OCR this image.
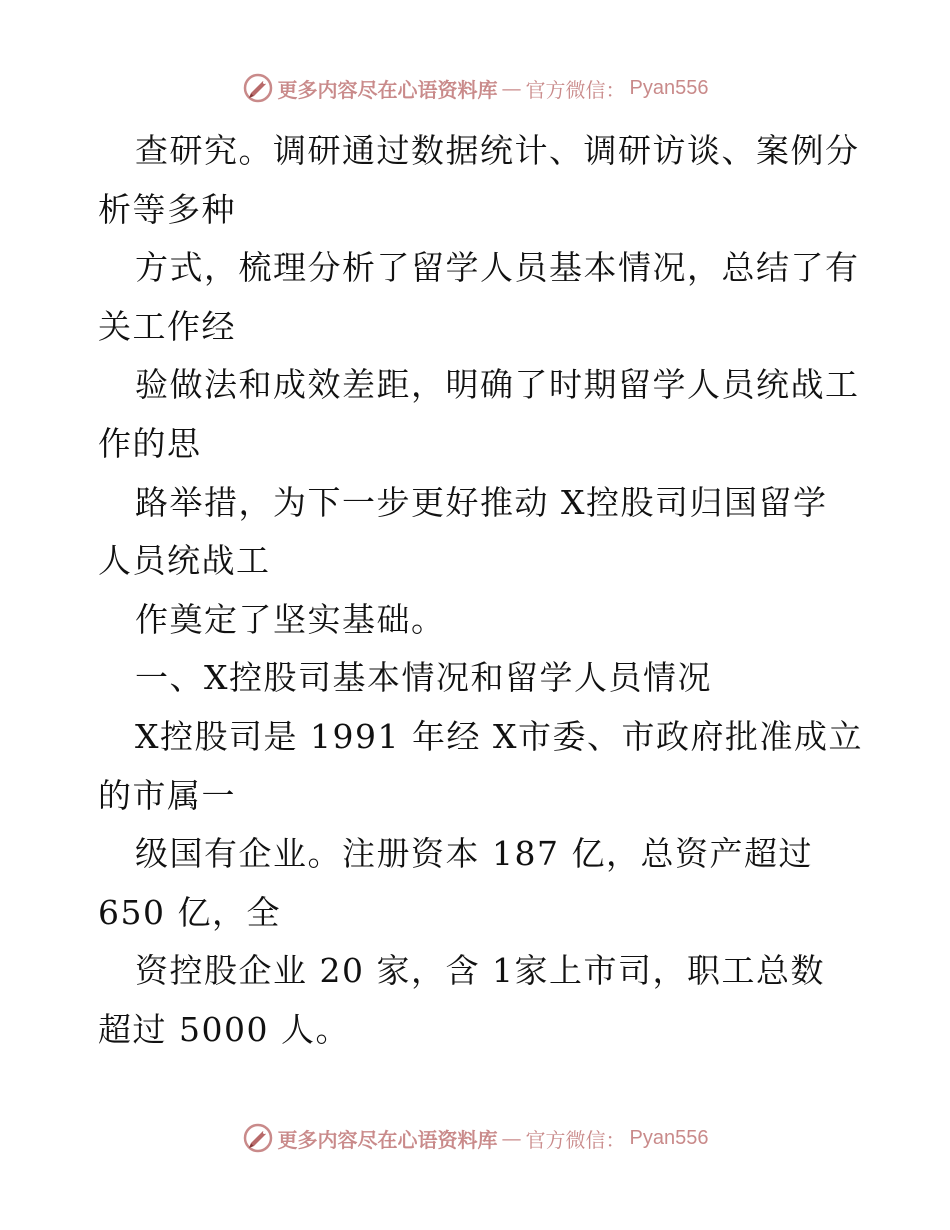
更多内容尽在心语资料库 — 官方微信： Pyan556
查研究。调研通过数据统计、调研访谈、案例分
析等多种
方式，梳理分析了留学人员基本情况，总结了有
关工作经
验做法和成效差距，明确了时期留学人员统战工
作的思
路举措，为下一步更好推动 X控股司归国留学
人员统战工
作奠定了坚实基础。
一、X控股司基本情况和留学人员情况
X控股司是 1991 年经 X市委、市政府批准成立
的市属一
级国有企业。注册资本 187 亿，总资产超过
650 亿，全
资控股企业 20 家，含 1家上市司，职工总数
超过 5000 人。
更多内容尽在心语资料库 — 官方微信： Pyan556
